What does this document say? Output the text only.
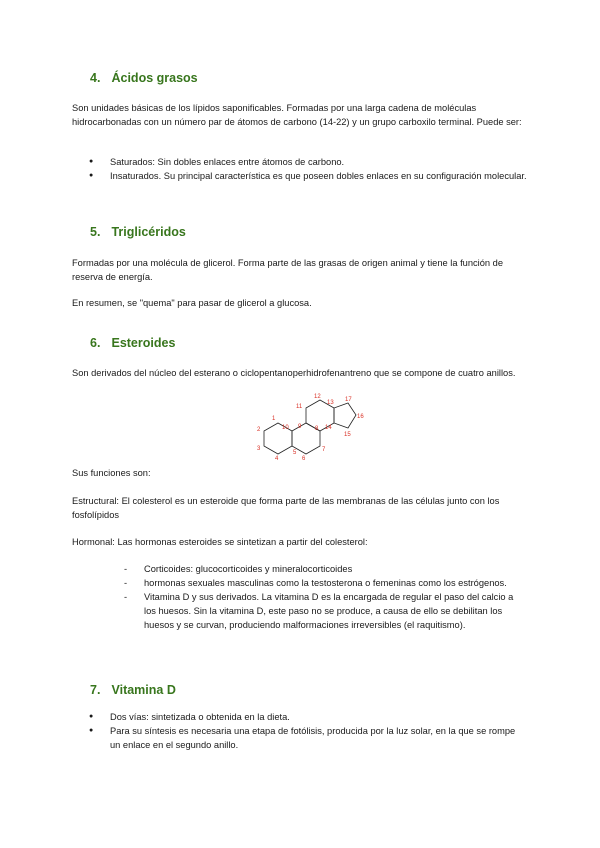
4. Ácidos grasos

Son unidades básicas de los lípidos saponificables. Formadas por una larga cadena de moléculas hidrocarbonadas con un número par de átomos de carbono (14-22) y un grupo carboxilo terminal. Puede ser:

● Saturados: Sin dobles enlaces entre átomos de carbono.
● Insaturados. Su principal característica es que poseen dobles enlaces en su configuración molecular.
5. Triglicéridos

Formadas por una molécula de glicerol. Forma parte de las grasas de origen animal y tiene la función de reserva de energía.

En resumen, se "quema" para pasar de glicerol a glucosa.

6. Esteroides

Son derivados del núcleo del esterano o ciclopentanoperhidrofenantreno que se compone de cuatro anillos.

1
2
3
4
5
6
7
8
9
10
11
12
13
14
15
16
17

Sus funciones son:

Estructural: El colesterol es un esteroide que forma parte de las membranas de las células junto con los fosfolípidos

Hormonal: Las hormonas esteroides se sintetizan a partir del colesterol:

- Corticoides: glucocorticoides y mineralocorticoides
- hormonas sexuales masculinas como la testosterona o femeninas como los estrógenos.
- Vitamina D y sus derivados. La vitamina D es la encargada de regular el paso del calcio a los huesos. Sin la vitamina D, este paso no se produce, a causa de ello se debilitan los huesos y se curvan, produciendo malformaciones irreversibles (el raquitismo).
7. Vitamina D
● Dos vías: sintetizada o obtenida en la dieta.
● Para su síntesis es necesaria una etapa de fotólisis, producida por la luz solar, en la que se rompe un enlace en el segundo anillo.
